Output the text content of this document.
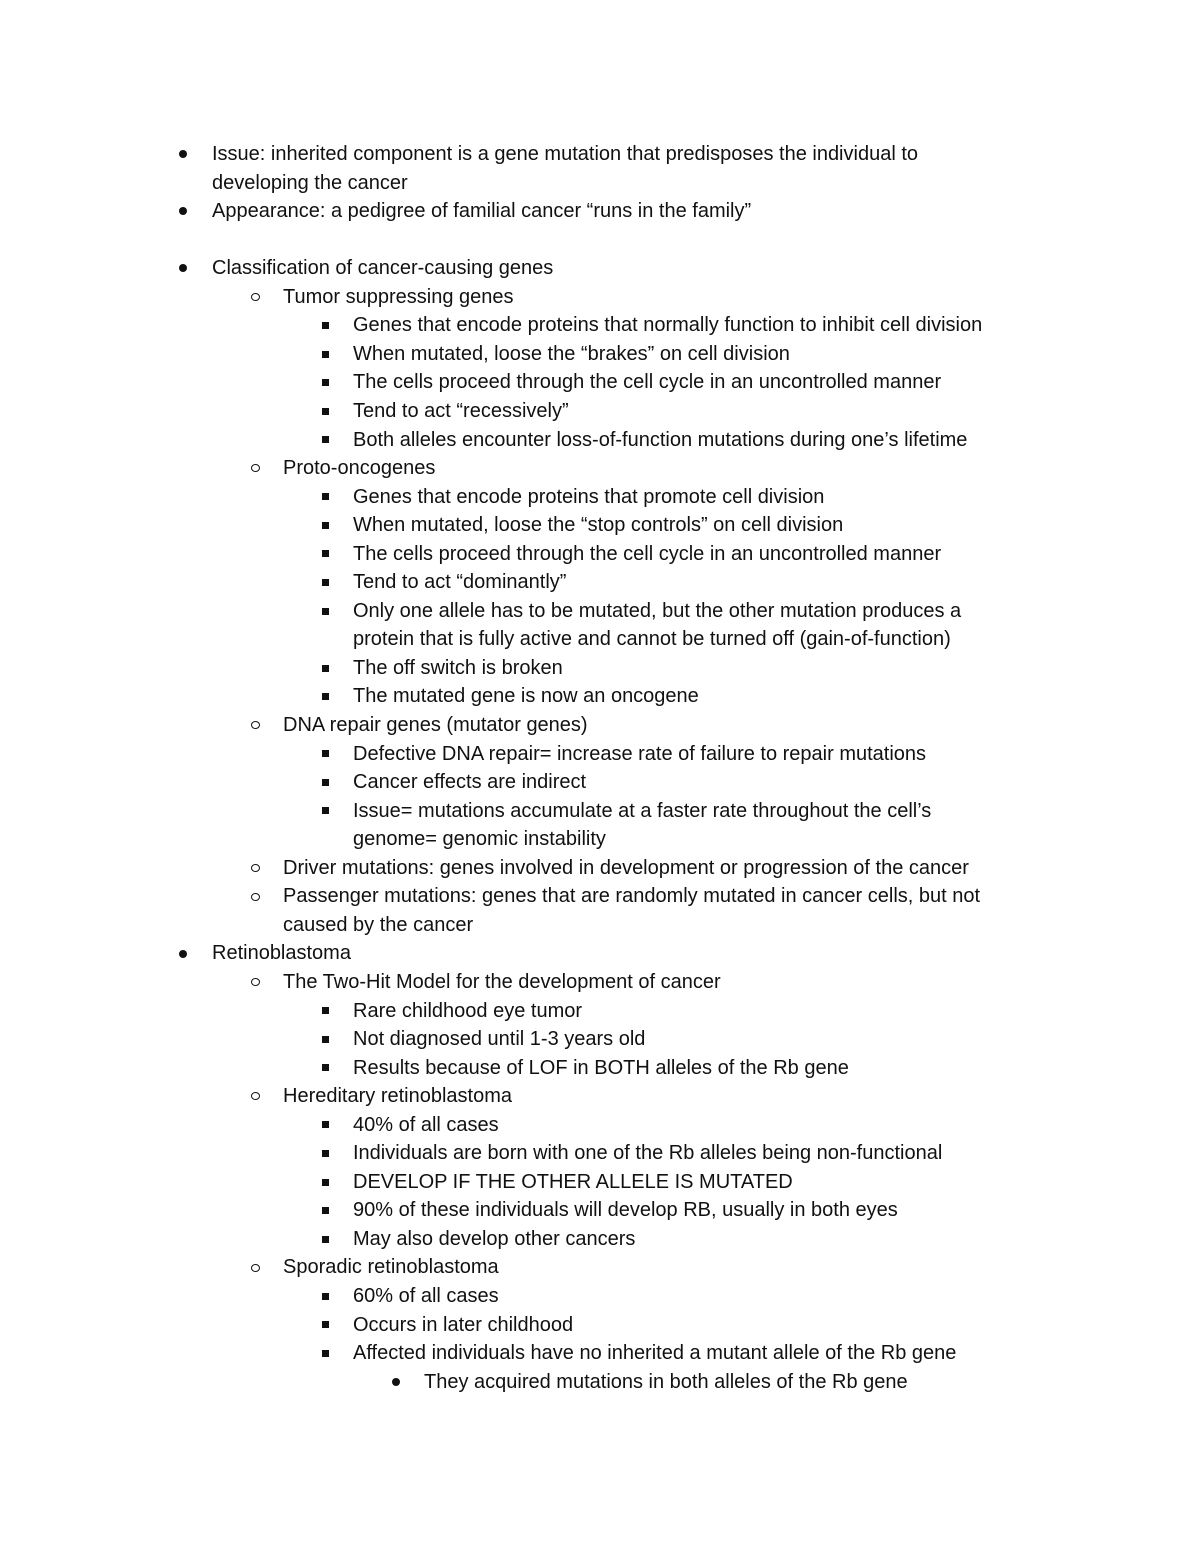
Issue: inherited component is a gene mutation that predisposes the individual to
developing the cancer
Appearance: a pedigree of familial cancer “runs in the family”
Classification of cancer-causing genes
Tumor suppressing genes
Genes that encode proteins that normally function to inhibit cell division
When mutated, loose the “brakes” on cell division
The cells proceed through the cell cycle in an uncontrolled manner
Tend to act “recessively”
Both alleles encounter loss-of-function mutations during one’s lifetime
Proto-oncogenes
Genes that encode proteins that promote cell division
When mutated, loose the “stop controls” on cell division
The cells proceed through the cell cycle in an uncontrolled manner
Tend to act “dominantly”
Only one allele has to be mutated, but the other mutation produces a
protein that is fully active and cannot be turned off (gain-of-function)
The off switch is broken
The mutated gene is now an oncogene
DNA repair genes (mutator genes)
Defective DNA repair= increase rate of failure to repair mutations
Cancer effects are indirect
Issue= mutations accumulate at a faster rate throughout the cell’s
genome= genomic instability
Driver mutations: genes involved in development or progression of the cancer
Passenger mutations: genes that are randomly mutated in cancer cells, but not
caused by the cancer
Retinoblastoma
The Two-Hit Model for the development of cancer
Rare childhood eye tumor
Not diagnosed until 1-3 years old
Results because of LOF in BOTH alleles of the Rb gene
Hereditary retinoblastoma
40% of all cases
Individuals are born with one of the Rb alleles being non-functional
DEVELOP IF THE OTHER ALLELE IS MUTATED
90% of these individuals will develop RB, usually in both eyes
May also develop other cancers
Sporadic retinoblastoma
60% of all cases
Occurs in later childhood
Affected individuals have no inherited a mutant allele of the Rb gene
They acquired mutations in both alleles of the Rb gene
